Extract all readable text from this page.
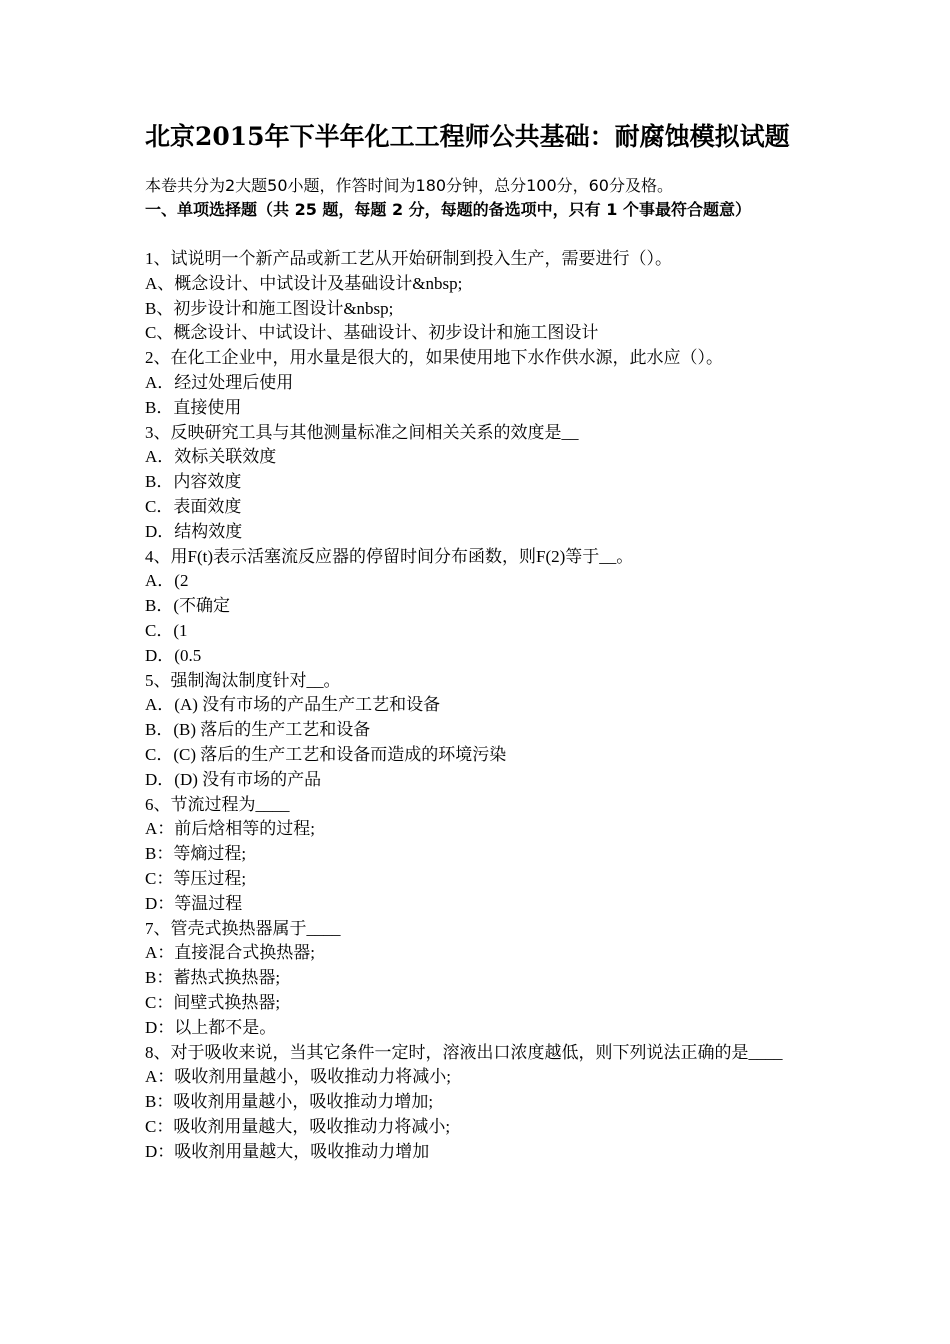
北京2015年下半年化工工程师公共基础：耐腐蚀模拟试题
本卷共分为2大题50小题，作答时间为180分钟，总分100分，60分及格。
一、单项选择题（共 25 题，每题 2 分，每题的备选项中，只有 1 个事最符合题意）
1、试说明一个新产品或新工艺从开始研制到投入生产，需要进行（）。
A、概念设计、中试设计及基础设计&nbsp;
B、初步设计和施工图设计&nbsp;
C、概念设计、中试设计、基础设计、初步设计和施工图设计
2、在化工企业中，用水量是很大的，如果使用地下水作供水源，此水应（）。
A．经过处理后使用
B．直接使用
3、反映研究工具与其他测量标准之间相关关系的效度是__
A．效标关联效度
B．内容效度
C．表面效度
D．结构效度
4、用F(t)表示活塞流反应器的停留时间分布函数，则F(2)等于__。
A．(2
B．(不确定
C．(1
D．(0.5
5、强制淘汰制度针对__。
A．(A) 没有市场的产品生产工艺和设备
B．(B) 落后的生产工艺和设备
C．(C) 落后的生产工艺和设备而造成的环境污染
D．(D) 没有市场的产品
6、节流过程为____
A：前后焓相等的过程;
B：等熵过程;
C：等压过程;
D：等温过程
7、管壳式换热器属于____
A：直接混合式换热器;
B：蓄热式换热器;
C：间壁式换热器;
D：以上都不是。
8、对于吸收来说，当其它条件一定时，溶液出口浓度越低，则下列说法正确的是____
A：吸收剂用量越小，吸收推动力将减小;
B：吸收剂用量越小，吸收推动力增加;
C：吸收剂用量越大，吸收推动力将减小;
D：吸收剂用量越大，吸收推动力增加
